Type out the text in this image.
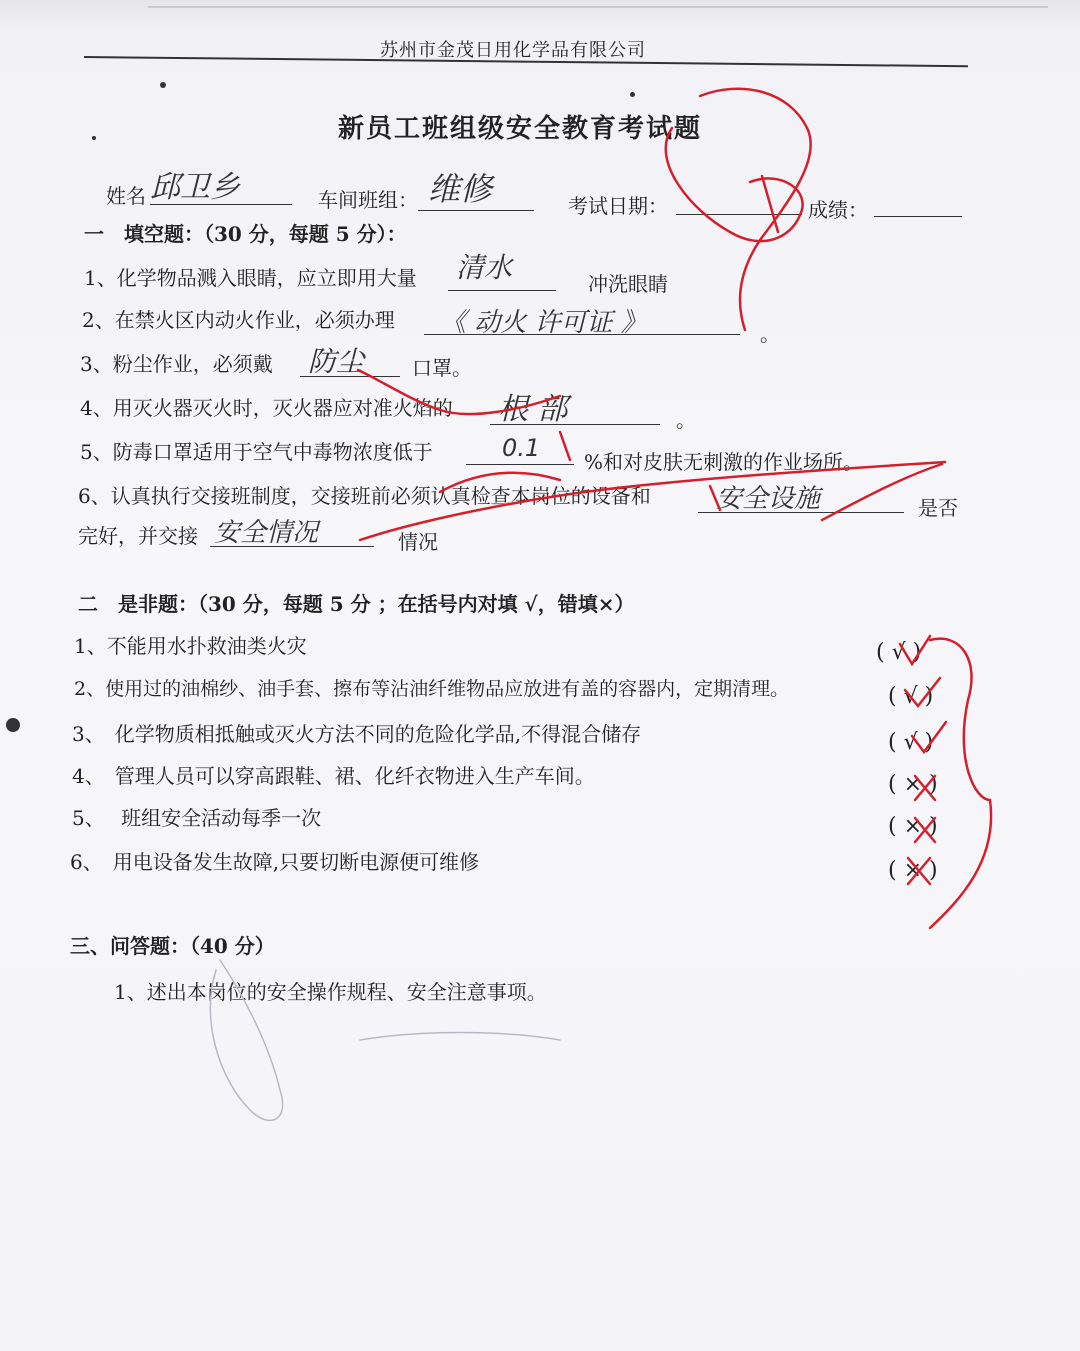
苏州市金茂日用化学品有限公司
新员工班组级安全教育考试题
姓名 邱卫乡	车间班组： 维修	考试日期：	成绩：
一　填空题：（30 分，每题 5 分）：
1、化学物品溅入眼睛，应立即用大量 清水	冲洗眼睛
2、在禁火区内动火作业，必须办理 《 动火 许可证 》	。
3、粉尘作业，必须戴 防尘 口罩。
4、用灭火器灭火时，灭火器应对准火焰的 根 部	。
5、防毒口罩适用于空气中毒物浓度低于	0.1 %和对皮肤无刺激的作业场所。
6、认真执行交接班制度，交接班前必须认真检查本岗位的设备和	安全设施	是否
完好，并交接 安全情况	情况
二　是非题：（30 分，每题 5 分 ；在括号内对填 √，错填×）
1、不能用水扑救油类火灾	( √ )
2、使用过的油棉纱、油手套、擦布等沾油纤维物品应放进有盖的容器内，定期清理。	( √ )
3、　化学物质相抵触或灭火方法不同的危险化学品,不得混合储存	( √ )
4、　管理人员可以穿高跟鞋、裙、化纤衣物进入生产车间。	( × )
5、　 班组安全活动每季一次	( × )
6、　用电设备发生故障,只要切断电源便可维修	( × )
三、问答题：（40 分）
1、述出本岗位的安全操作规程、安全注意事项。
